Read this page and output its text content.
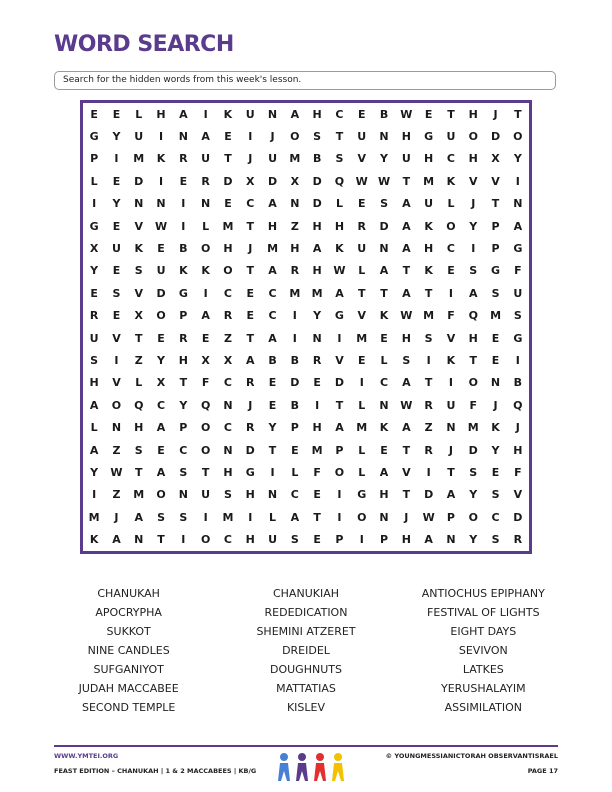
WORD SEARCH
Search for the hidden words from this week's lesson.
E	E	L	H	A	I	K	U	N	A	H	C	E	B	W	E	T	H	J	T
G	Y	U	I	N	A	E	I	J	O	S	T	U	N	H	G	U	O	D	O
P	I	M	K	R	U	T	J	U	M	B	S	V	Y	U	H	C	H	X	Y
L	E	D	I	E	R	D	X	D	X	D	Q	W W	T	M	K	V	V	I
I	Y	N	N	I	N	E	C	A	N	D	L	E	S	A	U	L	J	T	N
G	E	V	W	I	L	M	T	H	Z	H	H	R	D	A	K	O	Y	P	A
X	U	K	E	B	O	H	J	M	H	A	K	U	N	A	H	C	I	P	G
Y	E	S	U	K	K	O	T	A	R	H	W	L	A	T	K	E	S	G	F
E	S	V	D	G	I	C	E	C	M	M	A	T	T	A	T	I	A	S	U
R	E	X	O	P	A	R	E	C	I	Y	G	V	K	W M	F	Q	M	S
U	V	T	E	R	E	Z	T	A	I	N	I	M	E	H	S	V	H	E	G
S	I	Z	Y	H	X	X	A	B	B	R	V	E	L	S	I	K	T	E	I
H	V	L	X	T	F	C	R	E	D	E	D	I	C	A	T	I	O	N	B
A	O	Q	C	Y	Q	N	J	E	B	I	T	L	N	W	R	U	F	J	Q
L	N	H	A	P	O	C	R	Y	P	H	A	M	K	A	Z	N	M	K	J
A	Z	S	E	C	O	N	D	T	E	M	P	L	E	T	R	J	D	Y	H
Y	W	T	A	S	T	H	G	I	L	F	O	L	A	V	I	T	S	E	F
I	Z	M	O	N	U	S	H	N	C	E	I	G	H	T	D	A	Y	S	V
M	J	A	S	S	I	M	I	L	A	T	I	O	N	J	W	P	O	C	D
K	A	N	T	I	O	C	H	U	S	E	P	I	P	H	A	N	Y	S	R
CHANUKAH	CHANUKIAH	ANTIOCHUS EPIPHANY
APOCRYPHA	REDEDICATION	FESTIVAL OF LIGHTS
SUKKOT	SHEMINI ATZERET	EIGHT DAYS
NINE CANDLES	DREIDEL	SEVIVON
SUFGANIYOT	DOUGHNUTS	LATKES
JUDAH MACCABEE	MATTATIAS	YERUSHALAYIM
SECOND TEMPLE	KISLEV	ASSIMILATION
WWW.YMTEI.ORG
FEAST EDITION – CHANUKAH | 1 & 2 MACCABEES | KB/G
© YOUNGMESSIANICTORAH OBSERVANTISRAEL
PAGE 17
